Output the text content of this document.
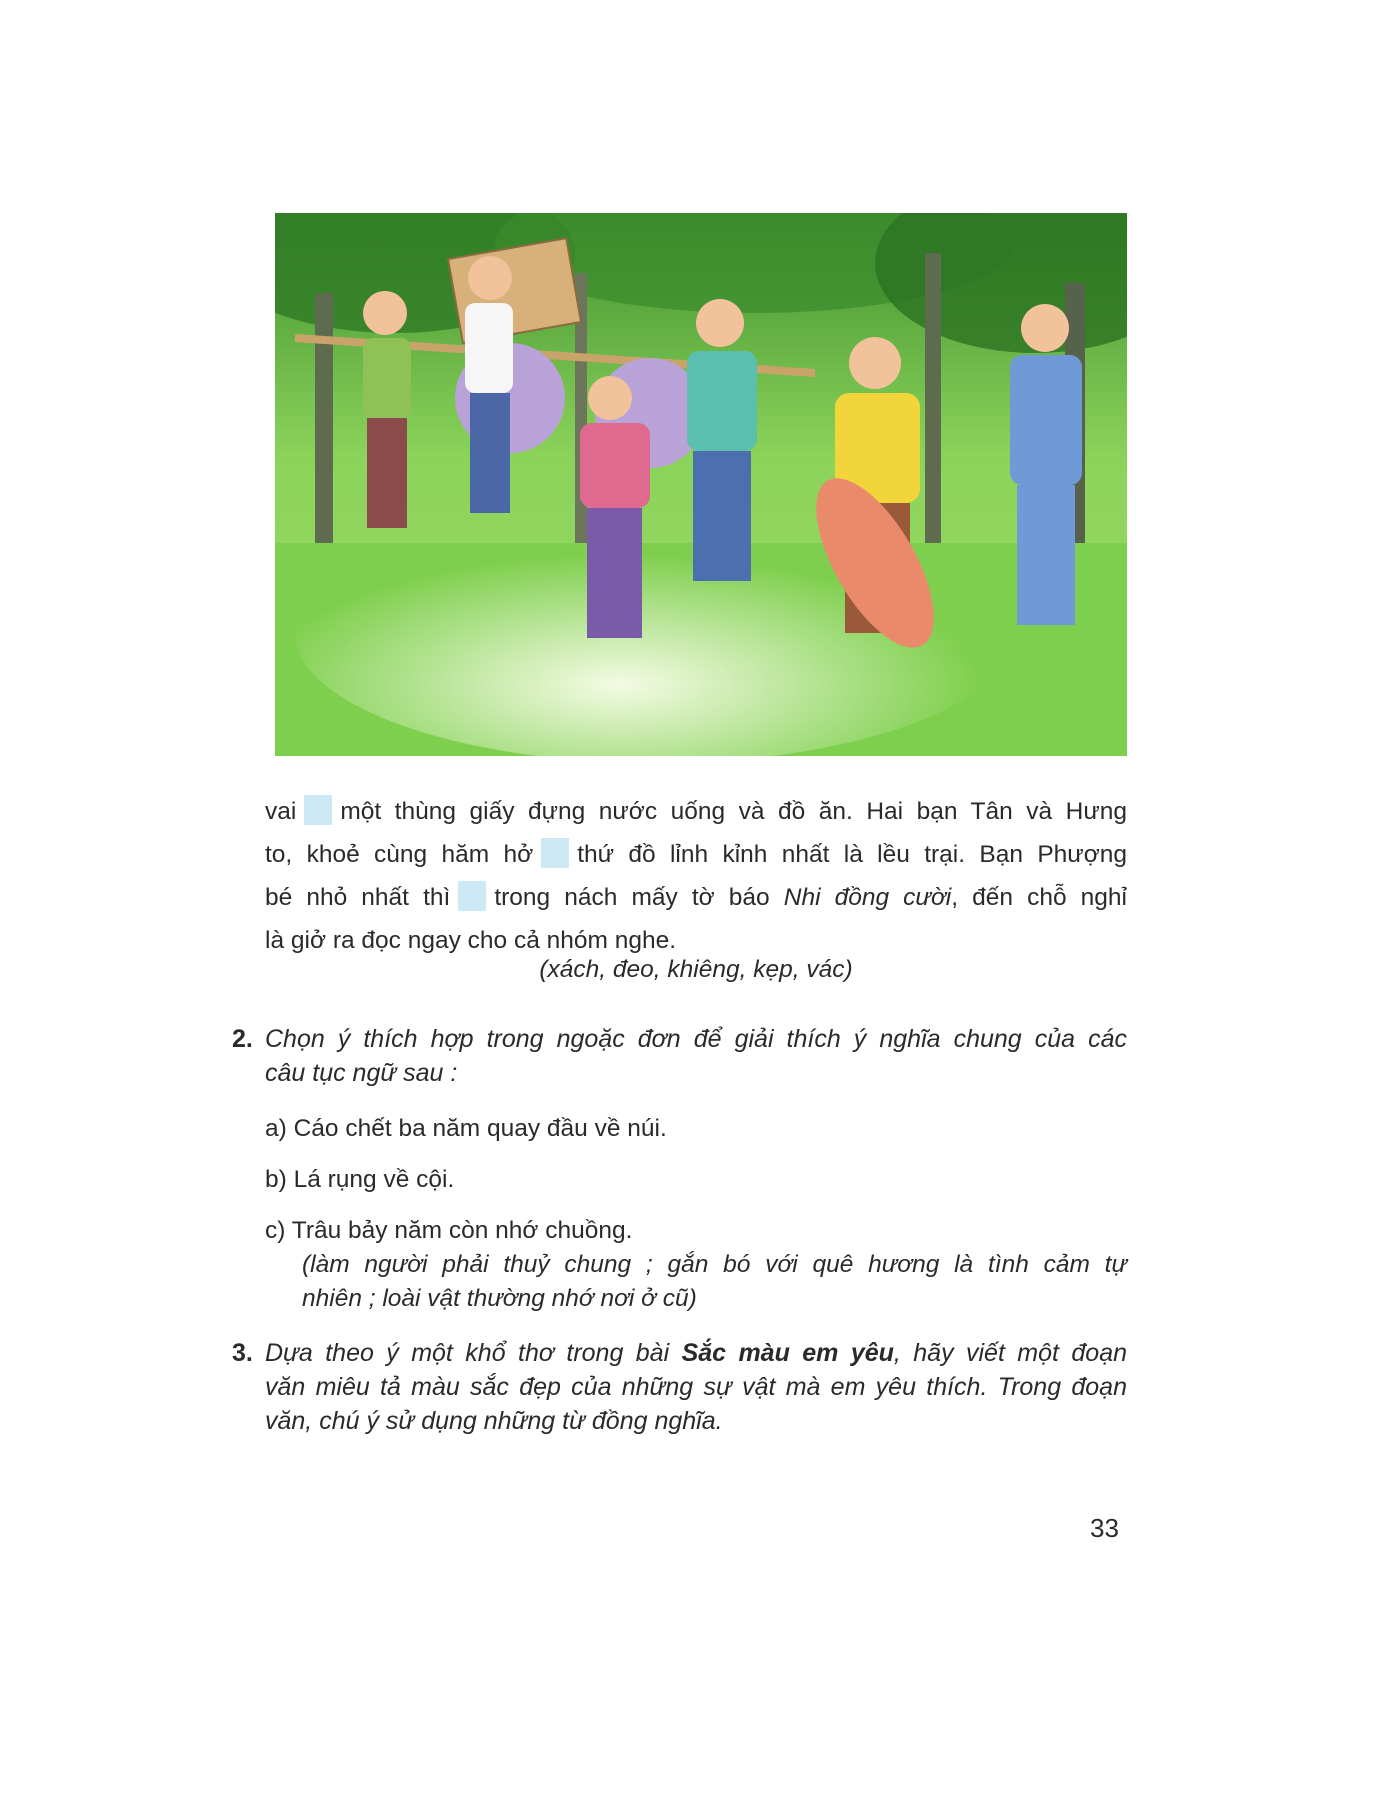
vai một thùng giấy đựng nước uống và đồ ăn. Hai bạn Tân và Hưng
to, khoẻ cùng hăm hở thứ đồ lỉnh kỉnh nhất là lều trại. Bạn Phượng
bé nhỏ nhất thì trong nách mấy tờ báo Nhi đồng cười, đến chỗ nghỉ
là giở ra đọc ngay cho cả nhóm nghe.
(xách, đeo, khiêng, kẹp, vác)
2. Chọn ý thích hợp trong ngoặc đơn để giải thích ý nghĩa chung của các
câu tục ngữ sau :
a) Cáo chết ba năm quay đầu về núi.
b) Lá rụng về cội.
c) Trâu bảy năm còn nhớ chuồng.
(làm người phải thuỷ chung ; gắn bó với quê hương là tình cảm tự
nhiên ; loài vật thường nhớ nơi ở cũ)
3. Dựa theo ý một khổ thơ trong bài Sắc màu em yêu, hãy viết một đoạn
văn miêu tả màu sắc đẹp của những sự vật mà em yêu thích. Trong đoạn
văn, chú ý sử dụng những từ đồng nghĩa.
33
